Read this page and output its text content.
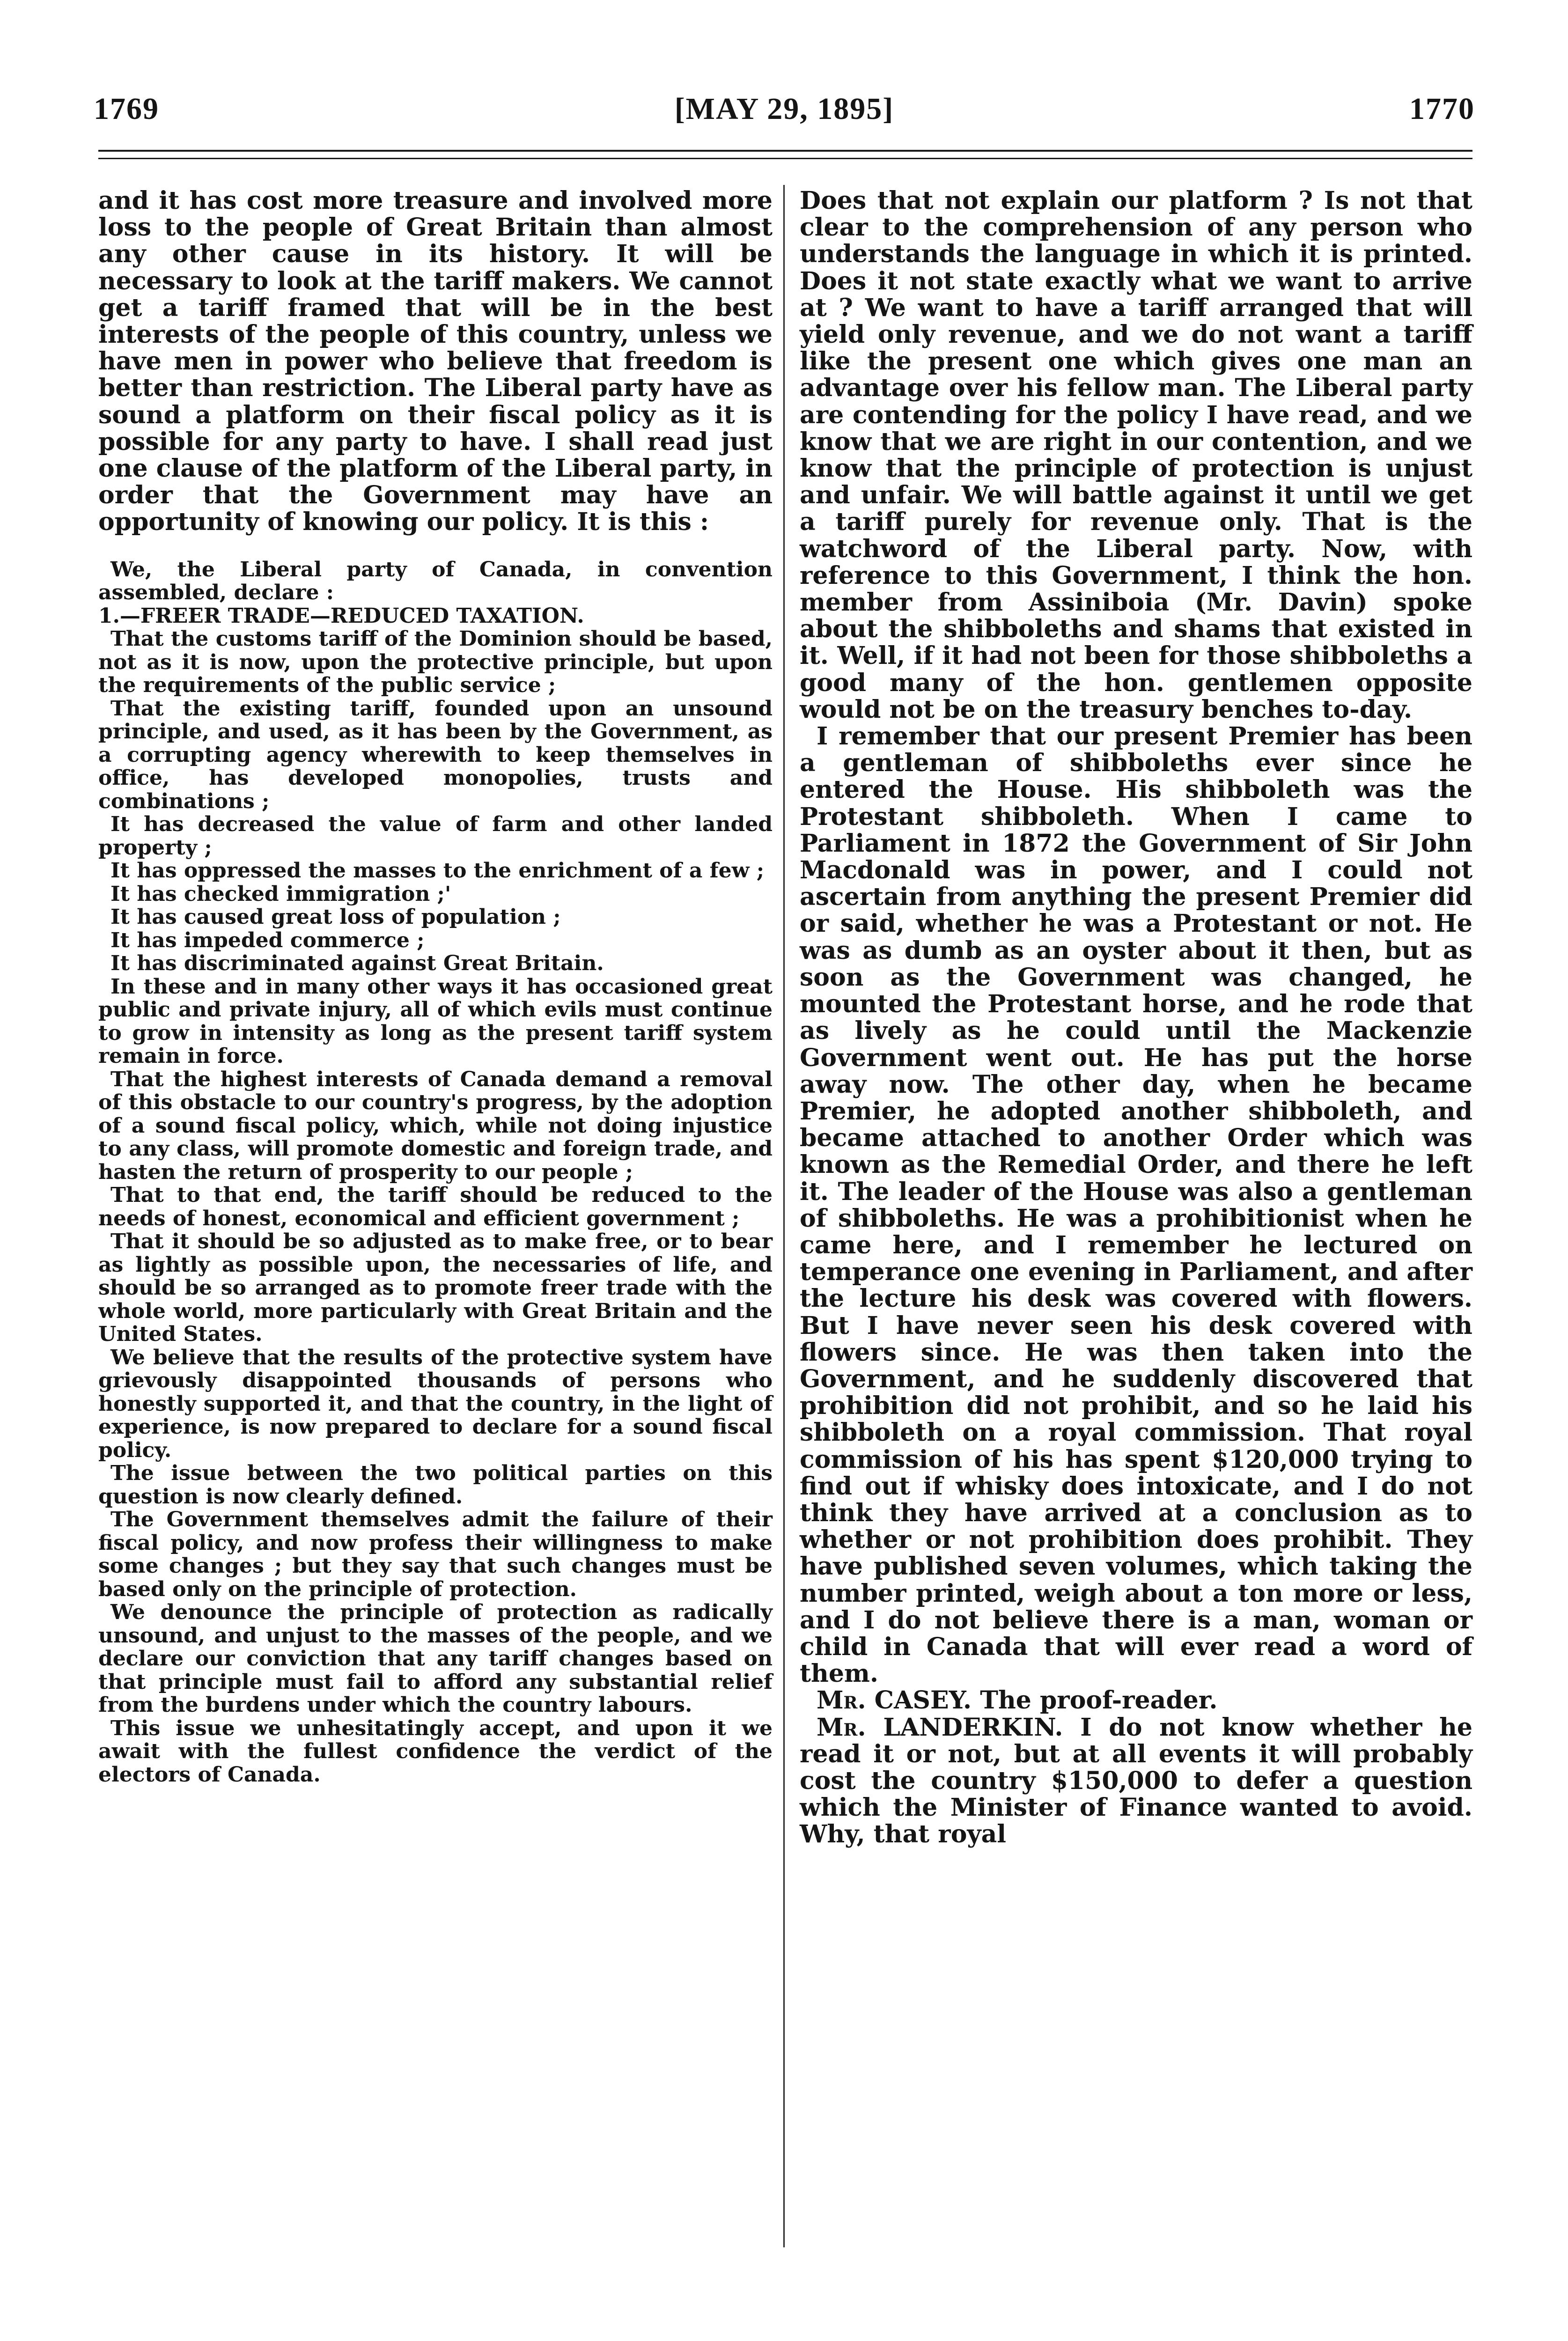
1769	[MAY 29, 1895]	1770

and it has cost more treasure and involved more loss to the people of Great Britain than almost any other cause in its history. It will be necessary to look at the tariff makers. We cannot get a tariff framed that will be in the best interests of the people of this country, unless we have men in power who believe that freedom is better than restriction. The Liberal party have as sound a platform on their fiscal policy as it is possible for any party to have. I shall read just one clause of the platform of the Liberal party, in order that the Government may have an opportunity of knowing our policy. It is this :

We, the Liberal party of Canada, in convention assembled, declare :

1.—FREER TRADE—REDUCED TAXATION.

That the customs tariff of the Dominion should be based, not as it is now, upon the protective principle, but upon the requirements of the public service ;

That the existing tariff, founded upon an unsound principle, and used, as it has been by the Government, as a corrupting agency wherewith to keep themselves in office, has developed monopolies, trusts and combinations ;

It has decreased the value of farm and other landed property ;

It has oppressed the masses to the enrichment of a few ;

It has checked immigration ;'

It has caused great loss of population ;

It has impeded commerce ;

It has discriminated against Great Britain.

In these and in many other ways it has occasioned great public and private injury, all of which evils must continue to grow in intensity as long as the present tariff system remain in force.

That the highest interests of Canada demand a removal of this obstacle to our country's progress, by the adoption of a sound fiscal policy, which, while not doing injustice to any class, will promote domestic and foreign trade, and hasten the return of prosperity to our people ;

That to that end, the tariff should be reduced to the needs of honest, economical and efficient government ;

That it should be so adjusted as to make free, or to bear as lightly as possible upon, the necessaries of life, and should be so arranged as to promote freer trade with the whole world, more particularly with Great Britain and the United States.

We believe that the results of the protective system have grievously disappointed thousands of persons who honestly supported it, and that the country, in the light of experience, is now prepared to declare for a sound fiscal policy.

The issue between the two political parties on this question is now clearly defined.

The Government themselves admit the failure of their fiscal policy, and now profess their willingness to make some changes ; but they say that such changes must be based only on the principle of protection.

We denounce the principle of protection as radically unsound, and unjust to the masses of the people, and we declare our conviction that any tariff changes based on that principle must fail to afford any substantial relief from the burdens under which the country labours.

This issue we unhesitatingly accept, and upon it we await with the fullest confidence the verdict of the electors of Canada.

Does that not explain our platform ? Is not that clear to the comprehension of any person who understands the language in which it is printed. Does it not state exactly what we want to arrive at ? We want to have a tariff arranged that will yield only revenue, and we do not want a tariff like the present one which gives one man an advantage over his fellow man. The Liberal party are contending for the policy I have read, and we know that we are right in our contention, and we know that the principle of protection is unjust and unfair. We will battle against it until we get a tariff purely for revenue only. That is the watchword of the Liberal party. Now, with reference to this Government, I think the hon. member from Assiniboia (Mr. Davin) spoke about the shibboleths and shams that existed in it. Well, if it had not been for those shibboleths a good many of the hon. gentlemen opposite would not be on the treasury benches to-day.

I remember that our present Premier has been a gentleman of shibboleths ever since he entered the House. His shibboleth was the Protestant shibboleth. When I came to Parliament in 1872 the Government of Sir John Macdonald was in power, and I could not ascertain from anything the present Premier did or said, whether he was a Protestant or not. He was as dumb as an oyster about it then, but as soon as the Government was changed, he mounted the Protestant horse, and he rode that as lively as he could until the Mackenzie Government went out. He has put the horse away now. The other day, when he became Premier, he adopted another shibboleth, and became attached to another Order which was known as the Remedial Order, and there he left it. The leader of the House was also a gentleman of shibboleths. He was a prohibitionist when he came here, and I remember he lectured on temperance one evening in Parliament, and after the lecture his desk was covered with flowers. But I have never seen his desk covered with flowers since. He was then taken into the Government, and he suddenly discovered that prohibition did not prohibit, and so he laid his shibboleth on a royal commission. That royal commission of his has spent $120,000 trying to find out if whisky does intoxicate, and I do not think they have arrived at a conclusion as to whether or not prohibition does prohibit. They have published seven volumes, which taking the number printed, weigh about a ton more or less, and I do not believe there is a man, woman or child in Canada that will ever read a word of them.

Mr. CASEY. The proof-reader.

Mr. LANDERKIN. I do not know whether he read it or not, but at all events it will probably cost the country $150,000 to defer a question which the Minister of Finance wanted to avoid. Why, that royal
